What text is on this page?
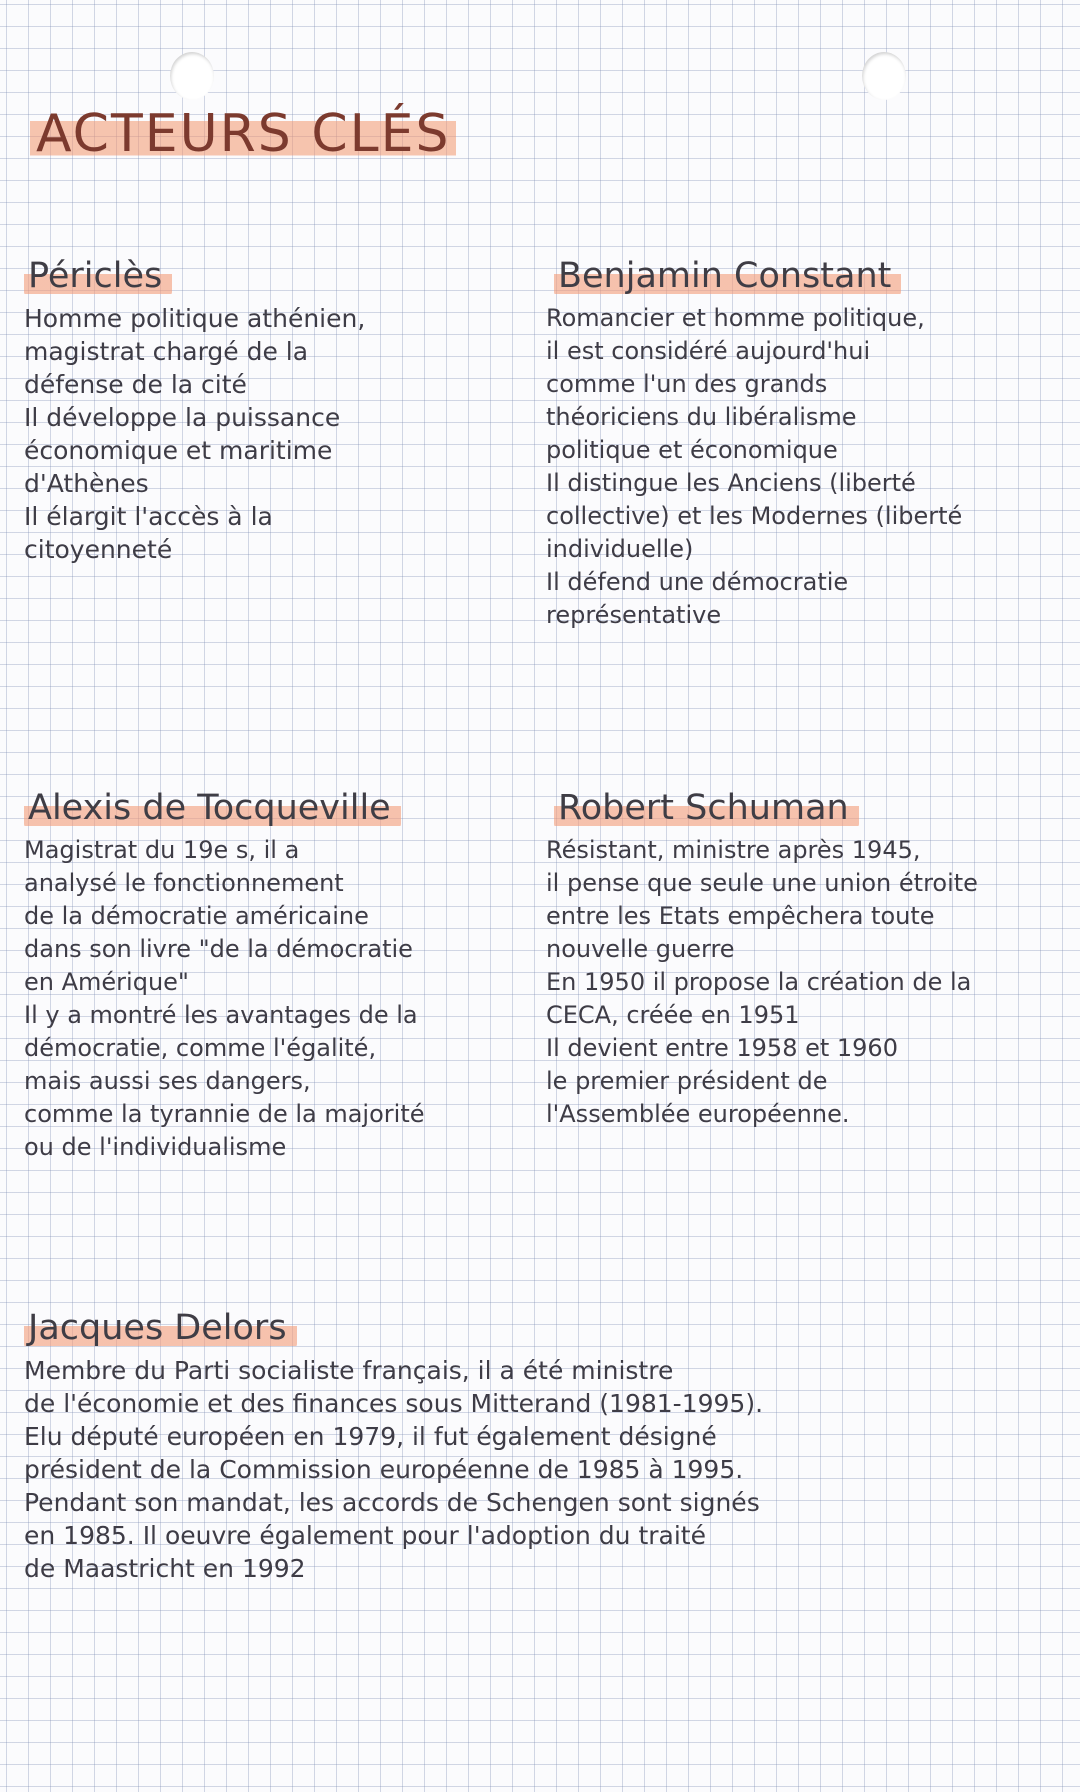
ACTEURS CLÉS
Périclès

Homme politique athénien,

magistrat chargé de la

défense de la cité

Il développe la puissance

économique et maritime

d'Athènes

Il élargit l'accès à la

citoyenneté

Benjamin Constant

Romancier et homme politique,

il est considéré aujourd'hui

comme l'un des grands

théoriciens du libéralisme

politique et économique

Il distingue les Anciens (liberté

collective) et les Modernes (liberté

individuelle)

Il défend une démocratie

représentative

Alexis de Tocqueville

Magistrat du 19e s, il a

analysé le fonctionnement

de la démocratie américaine

dans son livre "de la démocratie

en Amérique"

Il y a montré les avantages de la

démocratie, comme l'égalité,

mais aussi ses dangers,

comme la tyrannie de la majorité

ou de l'individualisme

Robert Schuman

Résistant, ministre après 1945,

il pense que seule une union étroite

entre les Etats empêchera toute

nouvelle guerre

En 1950 il propose la création de la

CECA, créée en 1951

Il devient entre 1958 et 1960

le premier président de

l'Assemblée européenne.

Jacques Delors

Membre du Parti socialiste français, il a été ministre

de l'économie et des finances sous Mitterand (1981-1995).

Elu député européen en 1979, il fut également désigné

président de la Commission européenne de 1985 à 1995.

Pendant son mandat, les accords de Schengen sont signés

en 1985. Il oeuvre également pour l'adoption du traité

de Maastricht en 1992
